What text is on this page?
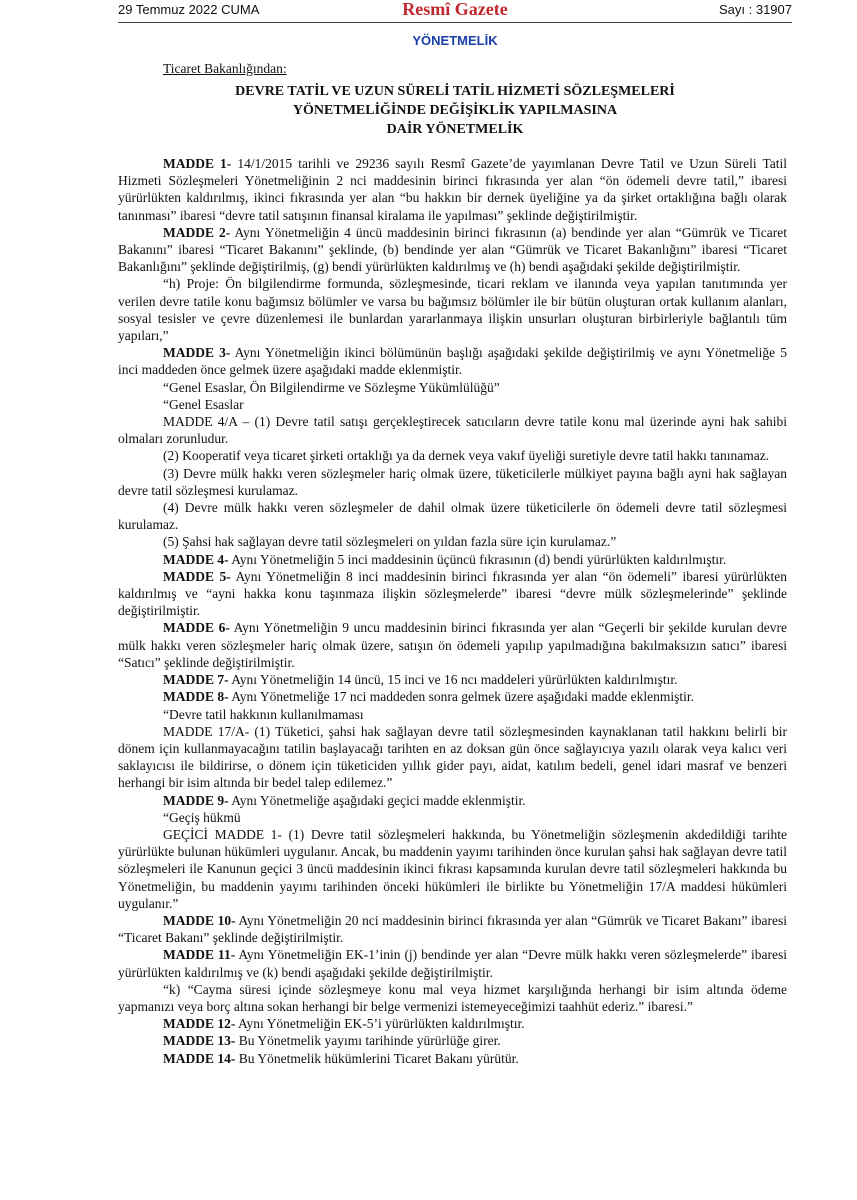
29 Temmuz 2022 CUMA	Resmî Gazete	Sayı : 31907
YÖNETMELİK
Ticaret Bakanlığından:
DEVRE TATİL VE UZUN SÜRELİ TATİL HİZMETİ SÖZLEŞMELERİ
YÖNETMELİĞİNDE DEĞİŞİKLİK YAPILMASINA
DAİR YÖNETMELİK

MADDE 1- 14/1/2015 tarihli ve 29236 sayılı Resmî Gazete’de yayımlanan Devre Tatil ve Uzun Süreli Tatil Hizmeti Sözleşmeleri Yönetmeliğinin 2 nci maddesinin birinci fıkrasında yer alan “ön ödemeli devre tatil,” ibaresi yürürlükten kaldırılmış, ikinci fıkrasında yer alan “bu hakkın bir dernek üyeliğine ya da şirket ortaklığına bağlı olarak tanınması” ibaresi “devre tatil satışının finansal kiralama ile yapılması” şeklinde değiştirilmiştir.

MADDE 2- Aynı Yönetmeliğin 4 üncü maddesinin birinci fıkrasının (a) bendinde yer alan “Gümrük ve Ticaret Bakanını” ibaresi “Ticaret Bakanını” şeklinde, (b) bendinde yer alan “Gümrük ve Ticaret Bakanlığını” ibaresi “Ticaret Bakanlığını” şeklinde değiştirilmiş, (g) bendi yürürlükten kaldırılmış ve (h) bendi aşağıdaki şekilde değiştirilmiştir.

“h) Proje: Ön bilgilendirme formunda, sözleşmesinde, ticari reklam ve ilanında veya yapılan tanıtımında yer verilen devre tatile konu bağımsız bölümler ve varsa bu bağımsız bölümler ile bir bütün oluşturan ortak kullanım alanları, sosyal tesisler ve çevre düzenlemesi ile bunlardan yararlanmaya ilişkin unsurları oluşturan birbirleriyle bağlantılı tüm yapıları,”

MADDE 3- Aynı Yönetmeliğin ikinci bölümünün başlığı aşağıdaki şekilde değiştirilmiş ve aynı Yönetmeliğe 5 inci maddeden önce gelmek üzere aşağıdaki madde eklenmiştir.

“Genel Esaslar, Ön Bilgilendirme ve Sözleşme Yükümlülüğü”

“Genel Esaslar

MADDE 4/A – (1) Devre tatil satışı gerçekleştirecek satıcıların devre tatile konu mal üzerinde ayni hak sahibi olmaları zorunludur.

(2) Kooperatif veya ticaret şirketi ortaklığı ya da dernek veya vakıf üyeliği suretiyle devre tatil hakkı tanınamaz.

(3) Devre mülk hakkı veren sözleşmeler hariç olmak üzere, tüketicilerle mülkiyet payına bağlı ayni hak sağlayan devre tatil sözleşmesi kurulamaz.

(4) Devre mülk hakkı veren sözleşmeler de dahil olmak üzere tüketicilerle ön ödemeli devre tatil sözleşmesi kurulamaz.

(5) Şahsi hak sağlayan devre tatil sözleşmeleri on yıldan fazla süre için kurulamaz.”

MADDE 4- Aynı Yönetmeliğin 5 inci maddesinin üçüncü fıkrasının (d) bendi yürürlükten kaldırılmıştır.

MADDE 5- Aynı Yönetmeliğin 8 inci maddesinin birinci fıkrasında yer alan “ön ödemeli” ibaresi yürürlükten kaldırılmış ve “ayni hakka konu taşınmaza ilişkin sözleşmelerde” ibaresi “devre mülk sözleşmelerinde” şeklinde değiştirilmiştir.

MADDE 6- Aynı Yönetmeliğin 9 uncu maddesinin birinci fıkrasında yer alan “Geçerli bir şekilde kurulan devre mülk hakkı veren sözleşmeler hariç olmak üzere, satışın ön ödemeli yapılıp yapılmadığına bakılmaksızın satıcı” ibaresi “Satıcı” şeklinde değiştirilmiştir.

MADDE 7- Aynı Yönetmeliğin 14 üncü, 15 inci ve 16 ncı maddeleri yürürlükten kaldırılmıştır.

MADDE 8- Aynı Yönetmeliğe 17 nci maddeden sonra gelmek üzere aşağıdaki madde eklenmiştir.

“Devre tatil hakkının kullanılmaması

MADDE 17/A- (1) Tüketici, şahsi hak sağlayan devre tatil sözleşmesinden kaynaklanan tatil hakkını belirli bir dönem için kullanmayacağını tatilin başlayacağı tarihten en az doksan gün önce sağlayıcıya yazılı olarak veya kalıcı veri saklayıcısı ile bildirirse, o dönem için tüketiciden yıllık gider payı, aidat, katılım bedeli, genel idari masraf ve benzeri herhangi bir isim altında bir bedel talep edilemez.”

MADDE 9- Aynı Yönetmeliğe aşağıdaki geçici madde eklenmiştir.

“Geçiş hükmü

GEÇİCİ MADDE 1- (1) Devre tatil sözleşmeleri hakkında, bu Yönetmeliğin sözleşmenin akdedildiği tarihte yürürlükte bulunan hükümleri uygulanır. Ancak, bu maddenin yayımı tarihinden önce kurulan şahsi hak sağlayan devre tatil sözleşmeleri ile Kanunun geçici 3 üncü maddesinin ikinci fıkrası kapsamında kurulan devre tatil sözleşmeleri hakkında bu Yönetmeliğin, bu maddenin yayımı tarihinden önceki hükümleri ile birlikte bu Yönetmeliğin 17/A maddesi hükümleri uygulanır.”

MADDE 10- Aynı Yönetmeliğin 20 nci maddesinin birinci fıkrasında yer alan “Gümrük ve Ticaret Bakanı” ibaresi “Ticaret Bakanı” şeklinde değiştirilmiştir.

MADDE 11- Aynı Yönetmeliğin EK-1’inin (j) bendinde yer alan “Devre mülk hakkı veren sözleşmelerde” ibaresi yürürlükten kaldırılmış ve (k) bendi aşağıdaki şekilde değiştirilmiştir.

“k) “Cayma süresi içinde sözleşmeye konu mal veya hizmet karşılığında herhangi bir isim altında ödeme yapmanızı veya borç altına sokan herhangi bir belge vermenizi istemeyeceğimizi taahhüt ederiz.” ibaresi.”

MADDE 12- Aynı Yönetmeliğin EK-5’i yürürlükten kaldırılmıştır.

MADDE 13- Bu Yönetmelik yayımı tarihinde yürürlüğe girer.

MADDE 14- Bu Yönetmelik hükümlerini Ticaret Bakanı yürütür.
